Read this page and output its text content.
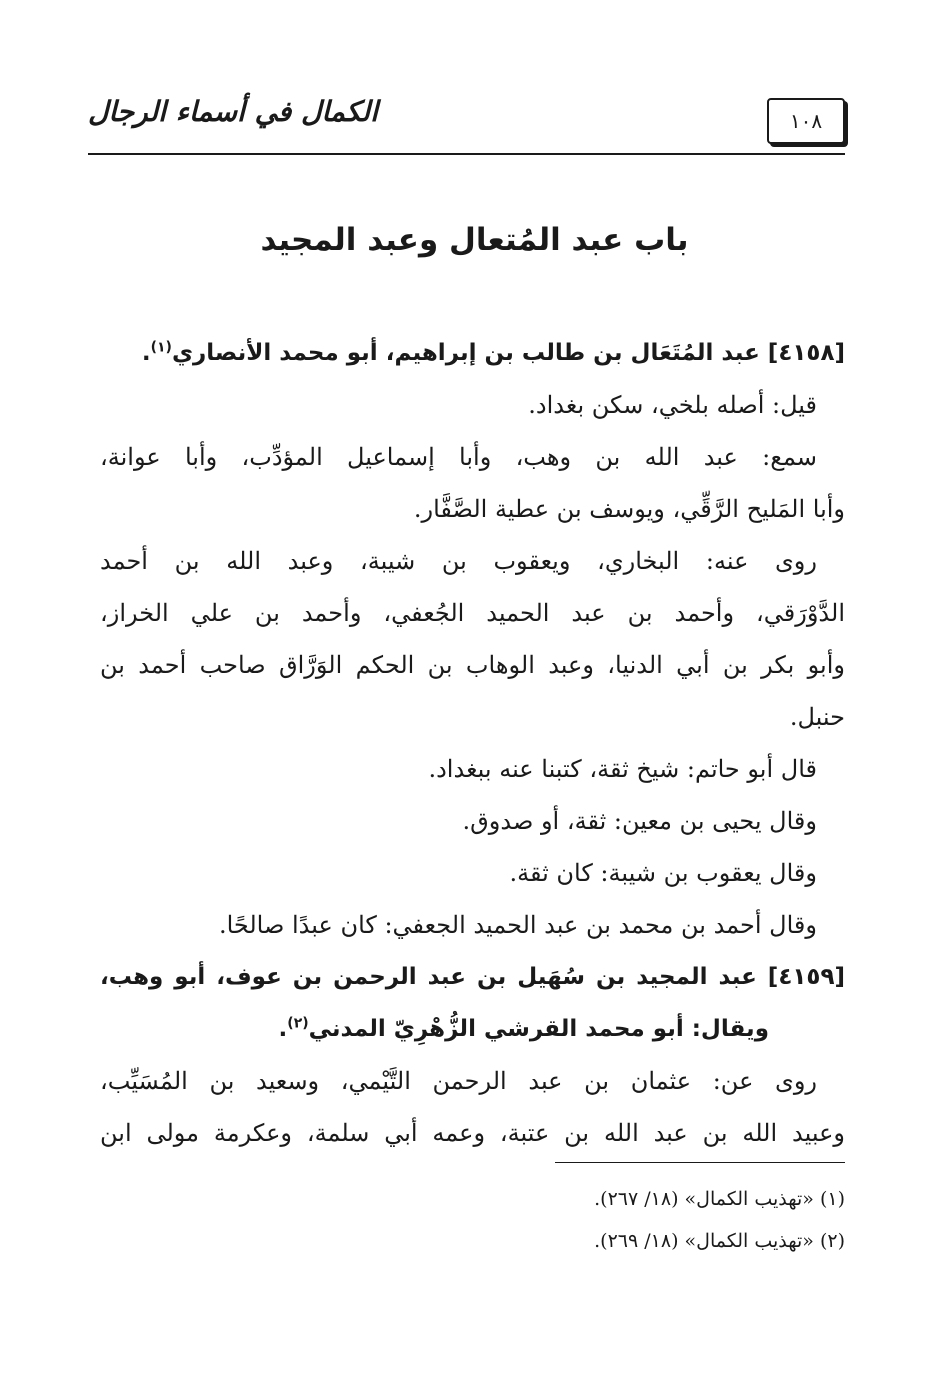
١٠٨
الكمال في أسماء الرجال
باب عبد المُتعال وعبد المجيد
[٤١٥٨] عبد المُتَعَال بن طالب بن إبراهيم، أبو محمد الأنصاري$^{(١)}$.
قيل: أصله بلخي، سكن بغداد.
سمع: عبد الله بن وهب، وأبا إسماعيل المؤدِّب، وأبا عوانة،
وأبا المَليح الرَّقِّي، ويوسف بن عطية الصَّفَّار.
روى عنه: البخاري، ويعقوب بن شيبة، وعبد الله بن أحمد
الدَّوْرَقي، وأحمد بن عبد الحميد الجُعفي، وأحمد بن علي الخراز،
وأبو بكر بن أبي الدنيا، وعبد الوهاب بن الحكم الوَرَّاق صاحب أحمد بن
حنبل.
قال أبو حاتم: شيخ ثقة، كتبنا عنه ببغداد.
وقال يحيى بن معين: ثقة، أو صدوق.
وقال يعقوب بن شيبة: كان ثقة.
وقال أحمد بن محمد بن عبد الحميد الجعفي: كان عبدًا صالحًا.
[٤١٥٩] عبد المجيد بن سُهَيل بن عبد الرحمن بن عوف، أبو وهب،
ويقال: أبو محمد القرشي الزُّهْرِيّ المدني$^{(٢)}$.
روى عن: عثمان بن عبد الرحمن التَّيْمي، وسعيد بن المُسَيِّب،
وعبيد الله بن عبد الله بن عتبة، وعمه أبي سلمة، وعكرمة مولى ابن
(١) «تهذيب الكمال» (١٨/ ٢٦٧).
(٢) «تهذيب الكمال» (١٨/ ٢٦٩).
